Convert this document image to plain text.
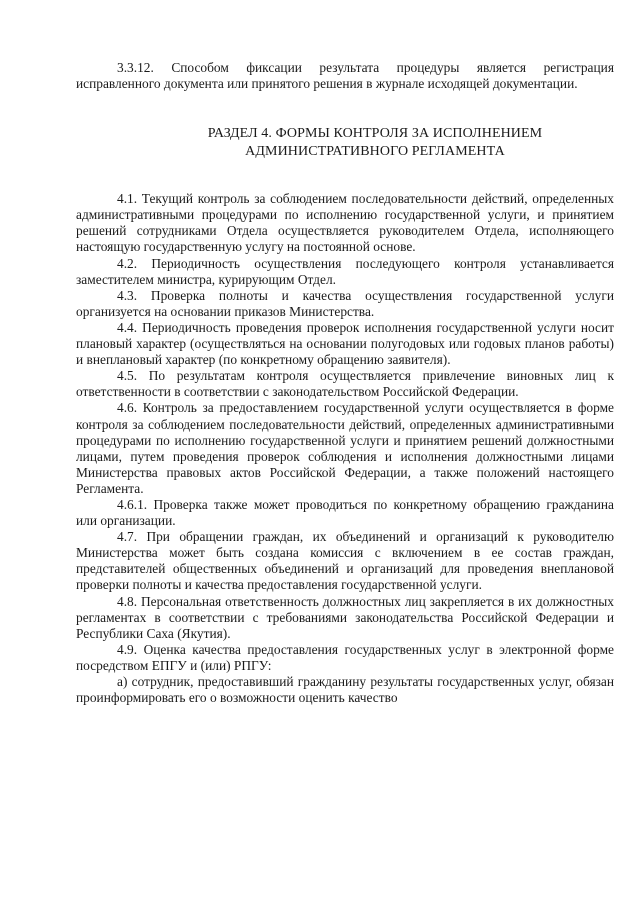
3.3.12. Способом фиксации результата процедуры является регистрация исправленного документа или принятого решения в журнале исходящей документации.

РАЗДЕЛ 4. ФОРМЫ КОНТРОЛЯ ЗА ИСПОЛНЕНИЕМ
АДМИНИСТРАТИВНОГО РЕГЛАМЕНТА

4.1. Текущий контроль за соблюдением последовательности действий, определенных административными процедурами по исполнению государственной услуги, и принятием решений сотрудниками Отдела осуществляется руководителем Отдела, исполняющего настоящую государственную услугу на постоянной основе.

4.2. Периодичность осуществления последующего контроля устанавливается заместителем министра, курирующим Отдел.

4.3. Проверка полноты и качества осуществления государственной услуги организуется на основании приказов Министерства.

4.4. Периодичность проведения проверок исполнения государственной услуги носит плановый характер (осуществляться на основании полугодовых или годовых планов работы) и внеплановый характер (по конкретному обращению заявителя).

4.5. По результатам контроля осуществляется привлечение виновных лиц к ответственности в соответствии с законодательством Российской Федерации.

4.6. Контроль за предоставлением государственной услуги осуществляется в форме контроля за соблюдением последовательности действий, определенных административными процедурами по исполнению государственной услуги и принятием решений должностными лицами, путем проведения проверок соблюдения и исполнения должностными лицами Министерства правовых актов Российской Федерации, а также положений настоящего Регламента.

4.6.1. Проверка также может проводиться по конкретному обращению гражданина или организации.

4.7. При обращении граждан, их объединений и организаций к руководителю Министерства может быть создана комиссия с включением в ее состав граждан, представителей общественных объединений и организаций для проведения внеплановой проверки полноты и качества предоставления государственной услуги.

4.8. Персональная ответственность должностных лиц закрепляется в их должностных регламентах в соответствии с требованиями законодательства Российской Федерации и Республики Саха (Якутия).

4.9. Оценка качества предоставления государственных услуг в электронной форме посредством ЕПГУ и (или) РПГУ:

а) сотрудник, предоставивший гражданину результаты государственных услуг, обязан проинформировать его о возможности оценить качество
